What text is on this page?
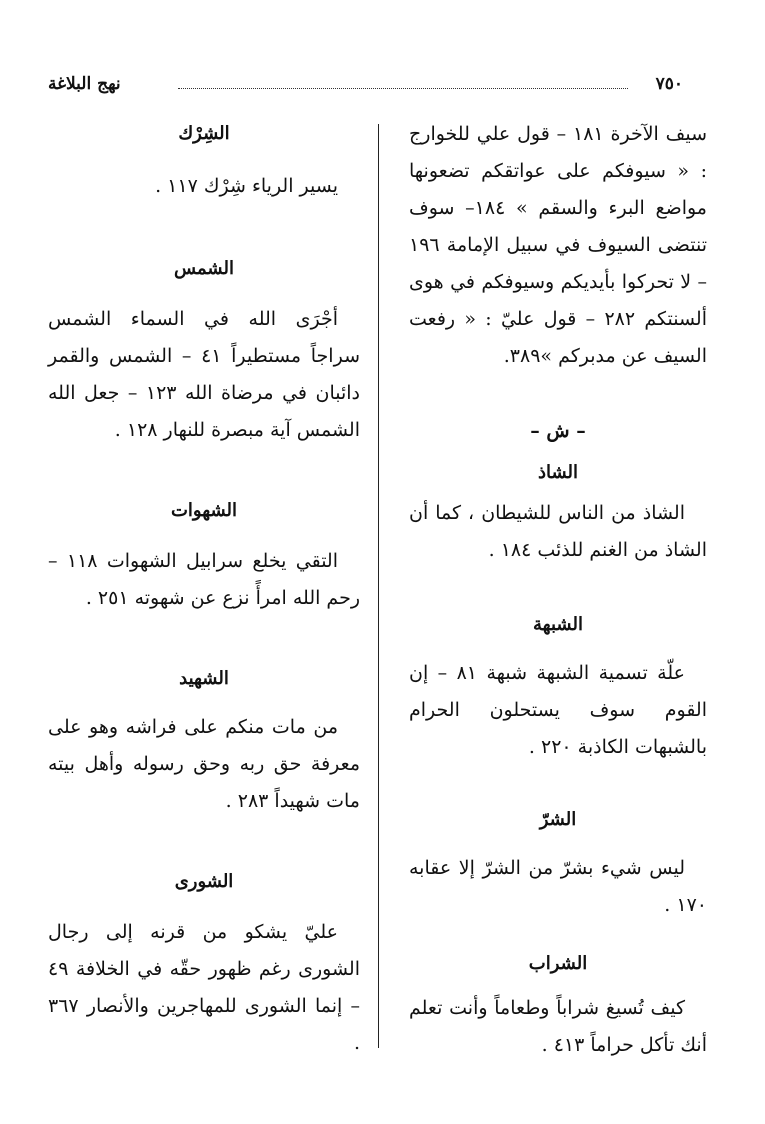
٧٥٠
نهج البلاغة

سيف الآخرة ١٨١ – قول علي للخوارج : « سيوفكم على عواتقكم تضعونها مواضع البرء والسقم » ١٨٤– سوف تنتضى السيوف في سبيل الإمامة ١٩٦ – لا تحركوا بأيديكم وسيوفكم في هوى ألسنتكم ٢٨٢ – قول عليّ : « رفعت السيف عن مدبركم »٣٨٩.

– ش –

الشاذ

الشاذ من الناس للشيطان ، كما أن الشاذ من الغنم للذئب ١٨٤ .

الشبهة

علّة تسمية الشبهة شبهة ٨١ – إن القوم سوف يستحلون الحرام بالشبهات الكاذبة ٢٢٠ .

الشرّ

ليس شيء بشرّ من الشرّ إلا عقابه ١٧٠ .

الشراب

كيف تُسيغ شراباً وطعاماً وأنت تعلم أنك تأكل حراماً ٤١٣ .

الشِرْك

يسير الرياء شِرْك ١١٧ .

الشمس

أجْرَى الله في السماء الشمس سراجاً مستطيراً ٤١ – الشمس والقمر دائبان في مرضاة الله ١٢٣ – جعل الله الشمس آية مبصرة للنهار ١٢٨ .

الشهوات

التقي يخلع سرابيل الشهوات ١١٨ – رحم الله امرأً نزع عن شهوته ٢٥١ .

الشهيد

من مات منكم على فراشه وهو على معرفة حق ربه وحق رسوله وأهل بيته مات شهيداً ٢٨٣ .

الشورى

عليّ يشكو من قرنه إلى رجال الشورى رغم ظهور حقّه في الخلافة ٤٩ – إنما الشورى للمهاجرين والأنصار ٣٦٧ .
